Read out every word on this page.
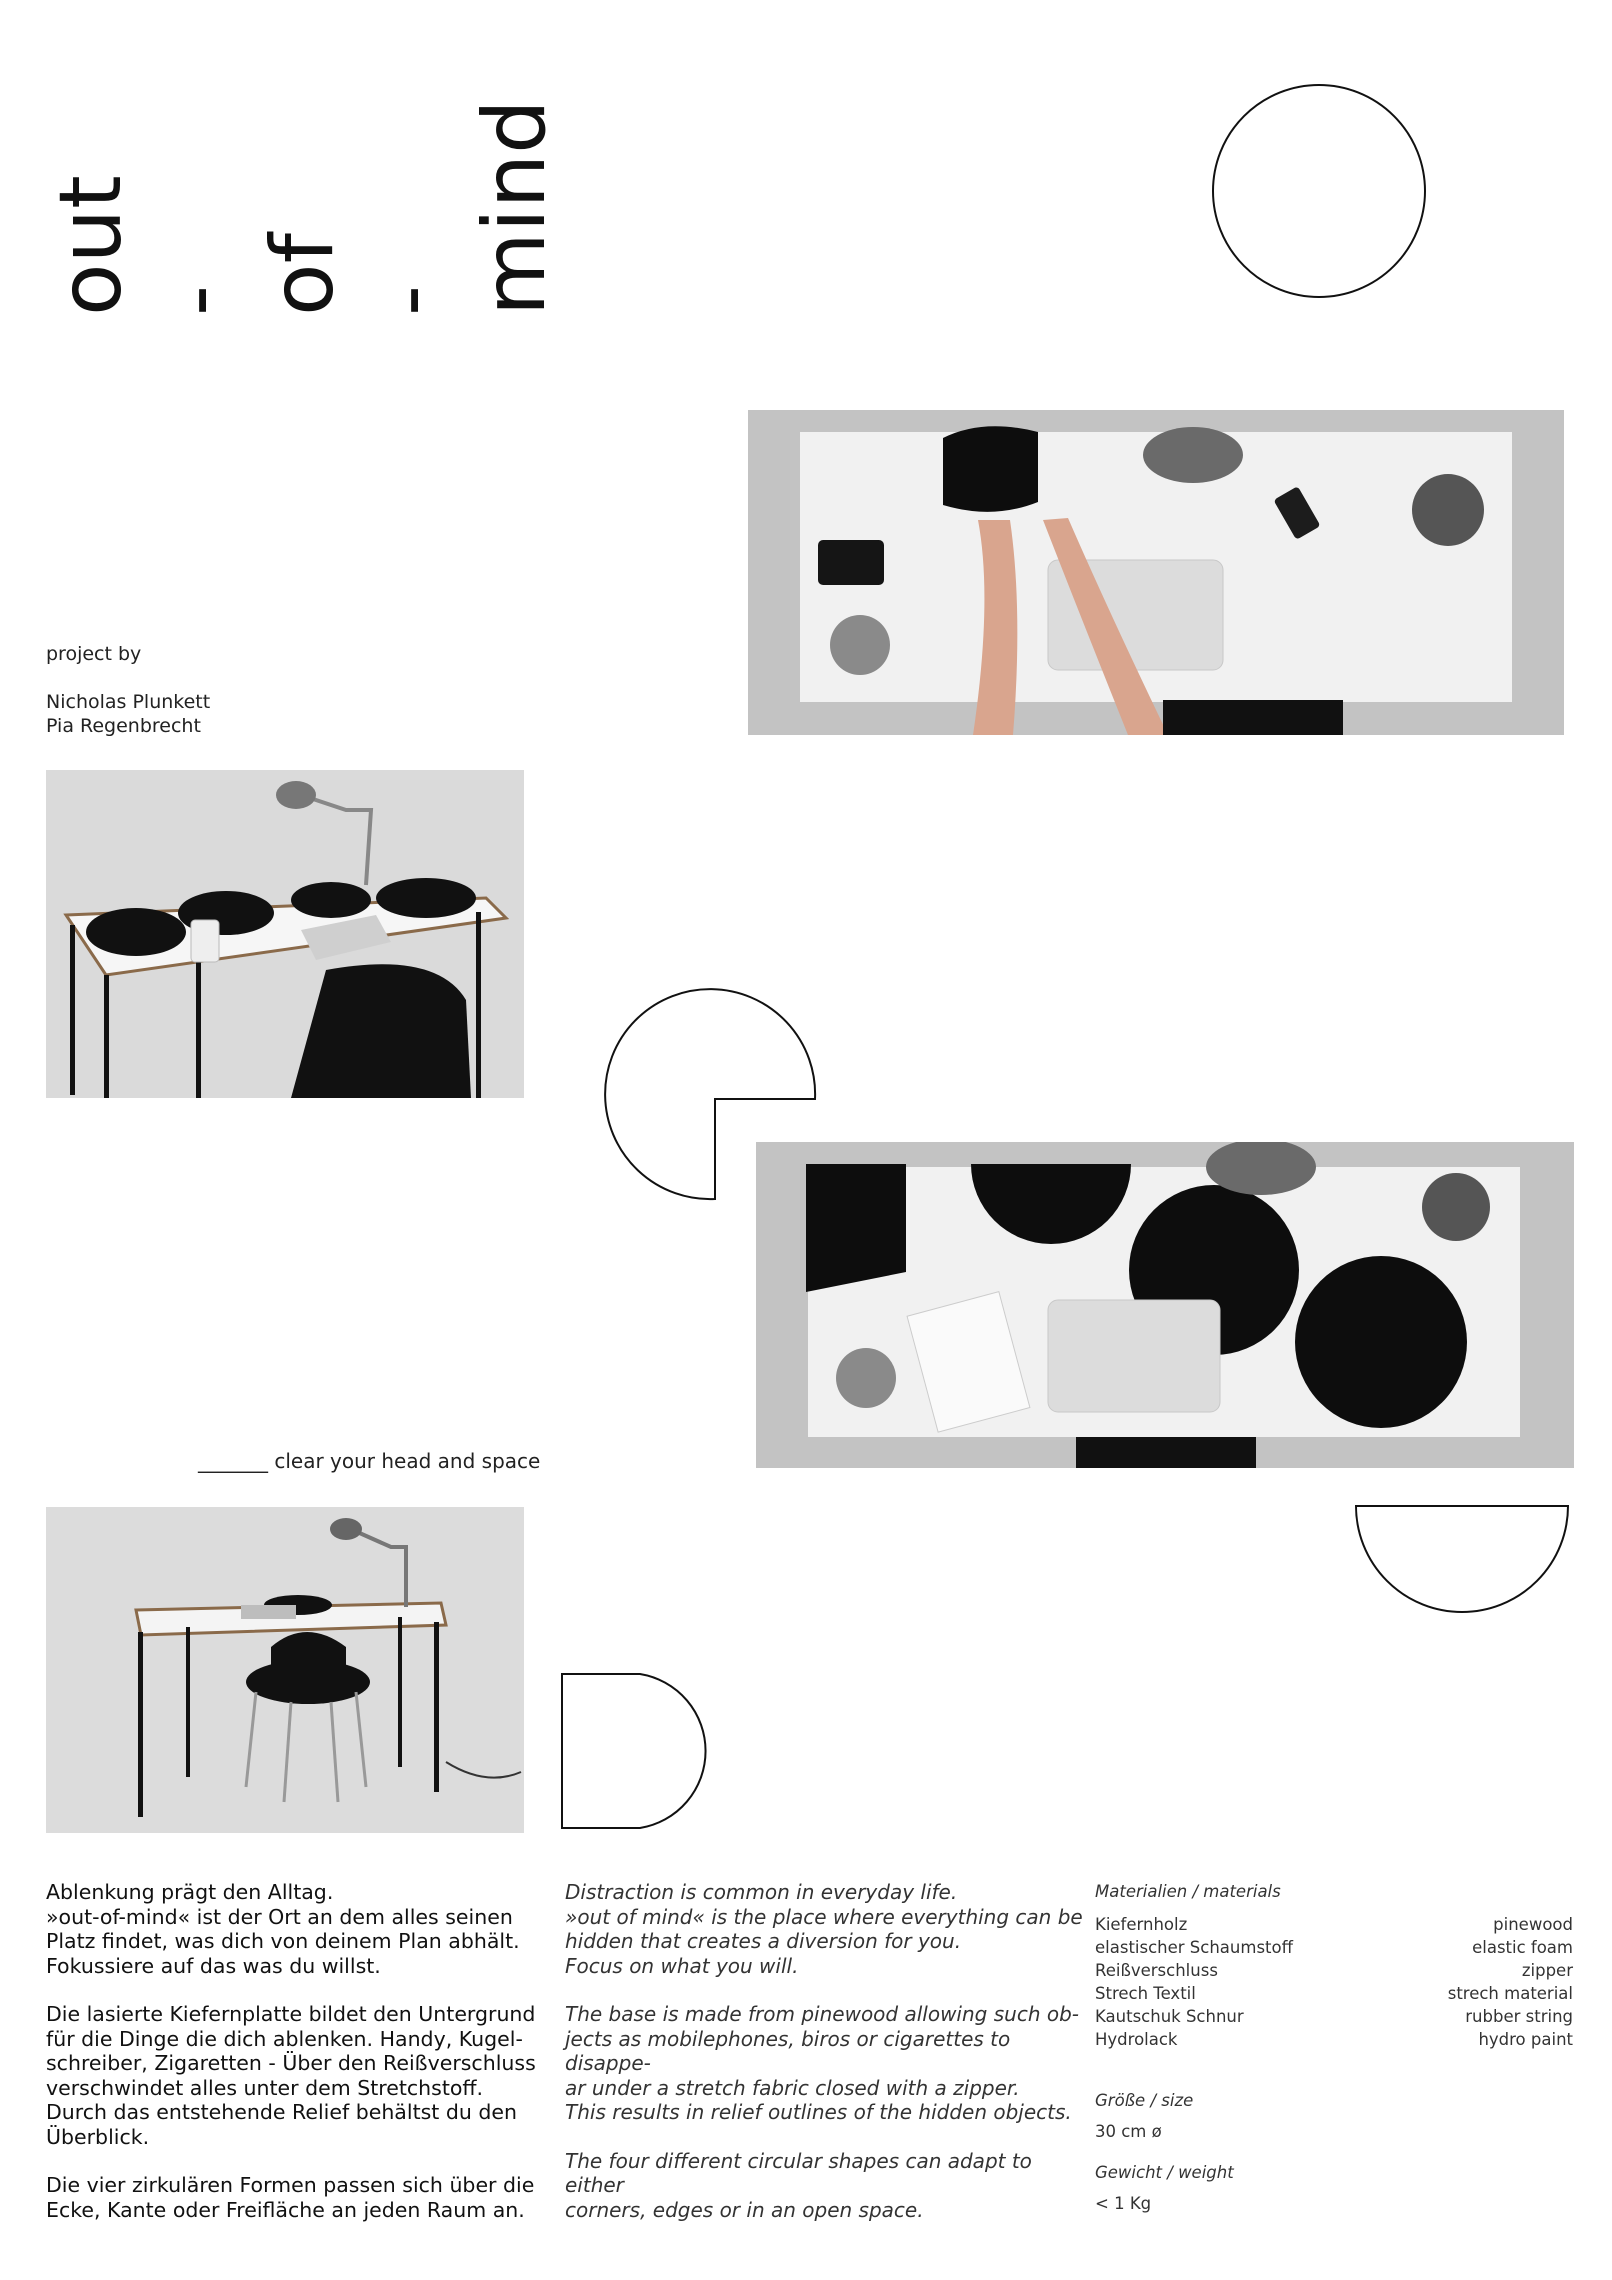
out - of - mind
project by
Nicholas Plunkett
Pia Regenbrecht
_______ clear your head and space

Ablenkung prägt den Alltag.
»out-of-mind« ist der Ort an dem alles seinen
Platz findet, was dich von deinem Plan abhält.
Fokussiere auf das was du willst.

Die lasierte Kiefernplatte bildet den Untergrund
für die Dinge die dich ablenken. Handy, Kugel-
schreiber, Zigaretten - Über den Reißverschluss
verschwindet alles unter dem Stretchstoff.
Durch das entstehende Relief behältst du den
Überblick.

Die vier zirkulären Formen passen sich über die
Ecke, Kante oder Freifläche an jeden Raum an.

Distraction is common in everyday life.
»out of mind« is the place where everything can be
hidden that creates a diversion for you.
Focus on what you will.

The base is made from pinewood allowing such ob-
jects as mobilephones, biros or cigarettes to disappe-
ar under a stretch fabric closed with a zipper.
This results in relief outlines of the hidden objects.

The four different circular shapes can adapt to either
corners, edges or in an open space.

Materialien / materials
Kiefernholz	pinewood
elastischer Schaumstoff	elastic foam
Reißverschluss	zipper
Strech Textil	strech material
Kautschuk Schnur	rubber string
Hydrolack	hydro paint
Größe / size
30 cm ø
Gewicht / weight
< 1 Kg
